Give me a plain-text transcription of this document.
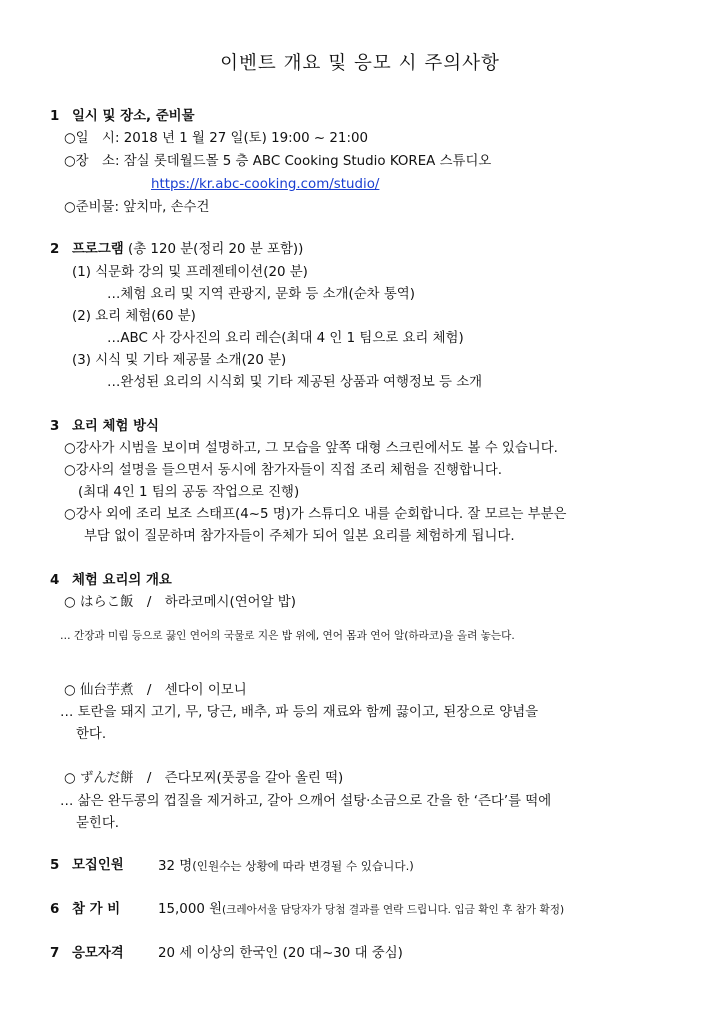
이벤트 개요 및 응모 시 주의사항
1 일시 및 장소, 준비물
○일　시: 2018 년 1 월 27 일(토) 19:00 ~ 21:00
○장　소: 잠실 롯데월드몰 5 층 ABC Cooking Studio KOREA 스튜디오
https://kr.abc-cooking.com/studio/
○준비물: 앞치마, 손수건
2 프로그램 (총 120 분(정리 20 분 포함))
(1) 식문화 강의 및 프레젠테이션(20 분)
…체험 요리 및 지역 관광지, 문화 등 소개(순차 통역)
(2) 요리 체험(60 분)
…ABC 사 강사진의 요리 레슨(최대 4 인 1 팀으로 요리 체험)
(3) 시식 및 기타 제공물 소개(20 분)
…완성된 요리의 시식회 및 기타 제공된 상품과 여행정보 등 소개
3 요리 체험 방식
○강사가 시범을 보이며 설명하고, 그 모습을 앞쪽 대형 스크린에서도 볼 수 있습니다.
○강사의 설명을 들으면서 동시에 참가자들이 직접 조리 체험을 진행합니다.
(최대 4인 1 팀의 공동 작업으로 진행)
○강사 외에 조리 보조 스태프(4~5 명)가 스튜디오 내를 순회합니다. 잘 모르는 부분은
부담 없이 질문하며 참가자들이 주체가 되어 일본 요리를 체험하게 됩니다.
4 체험 요리의 개요
○ はらこ飯　/　하라코메시(연어알 밥)
… 간장과 미림 등으로 끓인 연어의 국물로 지은 밥 위에, 연어 몸과 연어 알(하라코)을 올려 놓는다.
○ 仙台芋煮　/　센다이 이모니
… 토란을 돼지 고기, 무, 당근, 배추, 파 등의 재료와 함께 끓이고, 된장으로 양념을
한다.
○ ずんだ餅　/　즌다모찌(풋콩을 갈아 올린 떡)
… 삶은 완두콩의 껍질을 제거하고, 갈아 으깨어 설탕·소금으로 간을 한 ‘즌다’를 떡에
묻힌다.
5 모집인원	32 명(인원수는 상황에 따라 변경될 수 있습니다.)
6 참 가 비	15,000 원(크레아서울 담당자가 당첨 결과를 연락 드립니다. 입금 확인 후 참가 확정)
7 응모자격	20 세 이상의 한국인 (20 대~30 대 중심)
